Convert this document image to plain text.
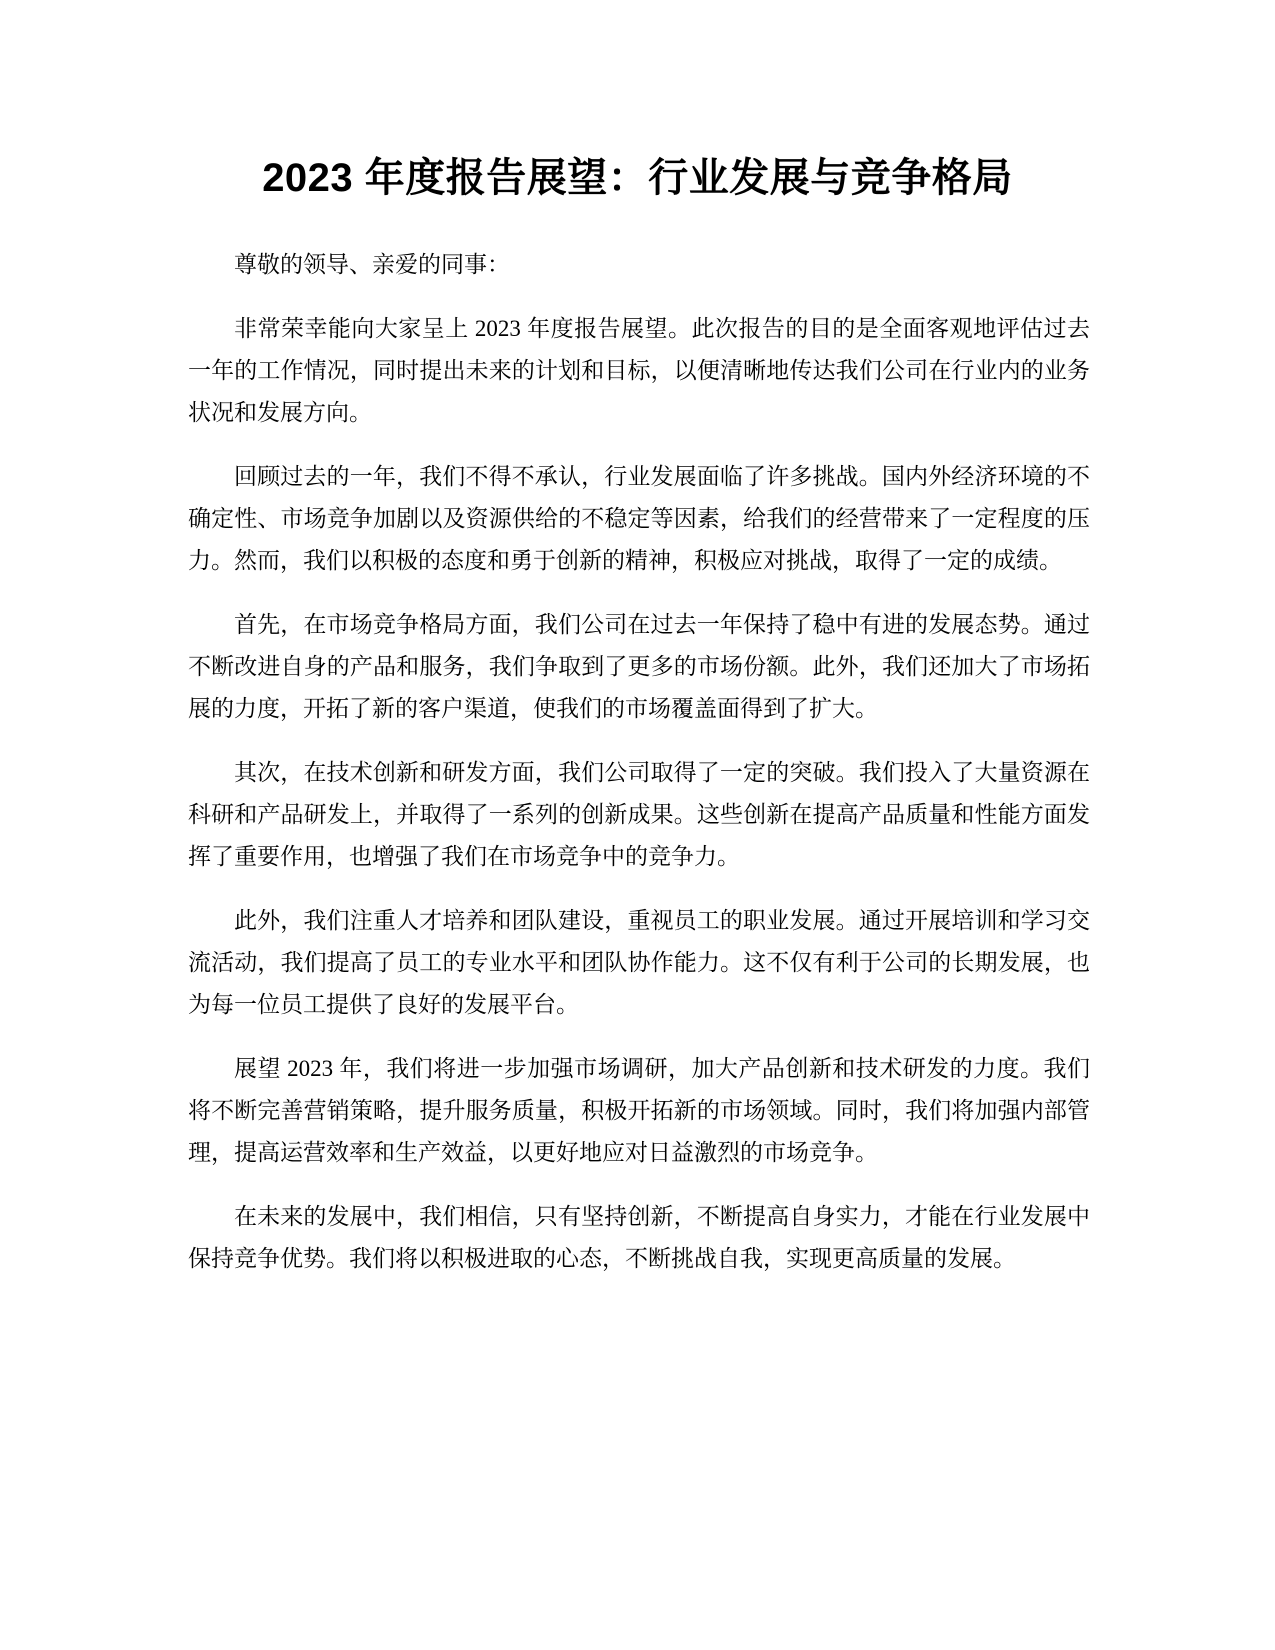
2023 年度报告展望：行业发展与竞争格局

尊敬的领导、亲爱的同事：

非常荣幸能向大家呈上 2023 年度报告展望。此次报告的目的是全面客观地评估过去一年的工作情况，同时提出未来的计划和目标，以便清晰地传达我们公司在行业内的业务状况和发展方向。

回顾过去的一年，我们不得不承认，行业发展面临了许多挑战。国内外经济环境的不确定性、市场竞争加剧以及资源供给的不稳定等因素，给我们的经营带来了一定程度的压力。然而，我们以积极的态度和勇于创新的精神，积极应对挑战，取得了一定的成绩。

首先，在市场竞争格局方面，我们公司在过去一年保持了稳中有进的发展态势。通过不断改进自身的产品和服务，我们争取到了更多的市场份额。此外，我们还加大了市场拓展的力度，开拓了新的客户渠道，使我们的市场覆盖面得到了扩大。

其次，在技术创新和研发方面，我们公司取得了一定的突破。我们投入了大量资源在科研和产品研发上，并取得了一系列的创新成果。这些创新在提高产品质量和性能方面发挥了重要作用，也增强了我们在市场竞争中的竞争力。

此外，我们注重人才培养和团队建设，重视员工的职业发展。通过开展培训和学习交流活动，我们提高了员工的专业水平和团队协作能力。这不仅有利于公司的长期发展，也为每一位员工提供了良好的发展平台。

展望 2023 年，我们将进一步加强市场调研，加大产品创新和技术研发的力度。我们将不断完善营销策略，提升服务质量，积极开拓新的市场领域。同时，我们将加强内部管理，提高运营效率和生产效益，以更好地应对日益激烈的市场竞争。

在未来的发展中，我们相信，只有坚持创新，不断提高自身实力，才能在行业发展中保持竞争优势。我们将以积极进取的心态，不断挑战自我，实现更高质量的发展。
